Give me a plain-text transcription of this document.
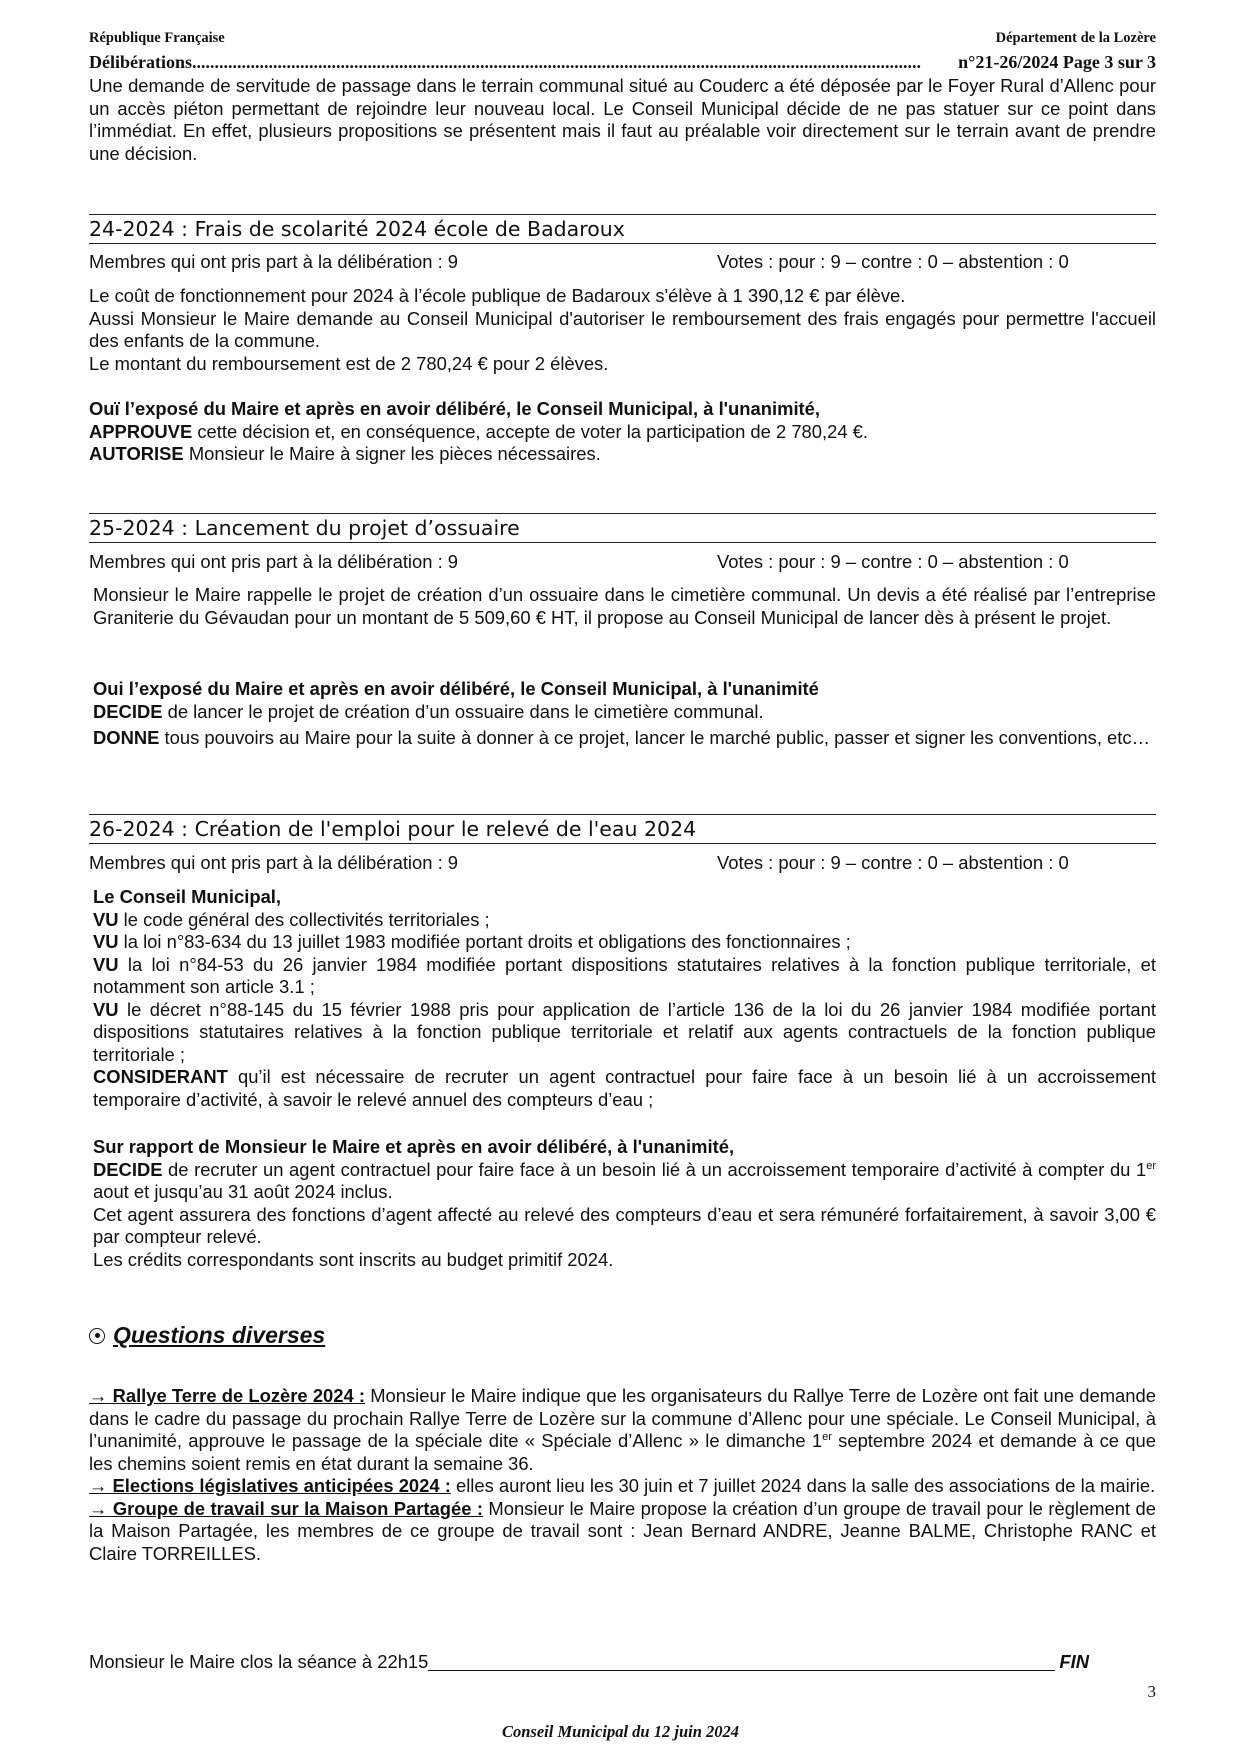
République Française	Département de la Lozère
Délibérations ..................................................................................................................................................................	n°21-26/2024 Page 3 sur 3

Une demande de servitude de passage dans le terrain communal situé au Couderc a été déposée par le Foyer Rural d’Allenc pour un accès piéton permettant de rejoindre leur nouveau local. Le Conseil Municipal décide de ne pas statuer sur ce point dans l’immédiat. En effet, plusieurs propositions se présentent mais il faut au préalable voir directement sur le terrain avant de prendre une décision.

24-2024 : Frais de scolarité 2024 école de Badaroux
Membres qui ont pris part à la délibération : 9	Votes : pour : 9 – contre : 0 – abstention : 0

Le coût de fonctionnement pour 2024 à l’école publique de Badaroux s'élève à 1 390,12 € par élève.

Aussi Monsieur le Maire demande au Conseil Municipal d'autoriser le remboursement des frais engagés pour permettre l'accueil des enfants de la commune.

Le montant du remboursement est de 2 780,24 € pour 2 élèves.

Ouï l’exposé du Maire et après en avoir délibéré, le Conseil Municipal, à l'unanimité,

APPROUVE cette décision et, en conséquence, accepte de voter la participation de 2 780,24 €.

AUTORISE Monsieur le Maire à signer les pièces nécessaires.

25-2024 : Lancement du projet d’ossuaire
Membres qui ont pris part à la délibération : 9	Votes : pour : 9 – contre : 0 – abstention : 0

Monsieur le Maire rappelle le projet de création d’un ossuaire dans le cimetière communal. Un devis a été réalisé par l’entreprise Graniterie du Gévaudan pour un montant de 5 509,60 € HT, il propose au Conseil Municipal de lancer dès à présent le projet.

Oui l’exposé du Maire et après en avoir délibéré, le Conseil Municipal, à l'unanimité

DECIDE de lancer le projet de création d’un ossuaire dans le cimetière communal.

DONNE tous pouvoirs au Maire pour la suite à donner à ce projet, lancer le marché public, passer et signer les conventions, etc…

26-2024 : Création de l'emploi pour le relevé de l'eau 2024
Membres qui ont pris part à la délibération : 9	Votes : pour : 9 – contre : 0 – abstention : 0

Le Conseil Municipal,

VU le code général des collectivités territoriales ;

VU la loi n°83-634 du 13 juillet 1983 modifiée portant droits et obligations des fonctionnaires ;

VU la loi n°84-53 du 26 janvier 1984 modifiée portant dispositions statutaires relatives à la fonction publique territoriale, et notamment son article 3.1 ;

VU le décret n°88-145 du 15 février 1988 pris pour application de l’article 136 de la loi du 26 janvier 1984 modifiée portant dispositions statutaires relatives à la fonction publique territoriale et relatif aux agents contractuels de la fonction publique territoriale ;

CONSIDERANT qu’il est nécessaire de recruter un agent contractuel pour faire face à un besoin lié à un accroissement temporaire d’activité, à savoir le relevé annuel des compteurs d’eau ;

Sur rapport de Monsieur le Maire et après en avoir délibéré, à l'unanimité,

DECIDE de recruter un agent contractuel pour faire face à un besoin lié à un accroissement temporaire d’activité à compter du 1er aout et jusqu’au 31 août 2024 inclus.

Cet agent assurera des fonctions d’agent affecté au relevé des compteurs d’eau et sera rémunéré forfaitairement, à savoir 3,00 € par compteur relevé.

Les crédits correspondants sont inscrits au budget primitif 2024.

Questions diverses

→ Rallye Terre de Lozère 2024 : Monsieur le Maire indique que les organisateurs du Rallye Terre de Lozère ont fait une demande dans le cadre du passage du prochain Rallye Terre de Lozère sur la commune d’Allenc pour une spéciale. Le Conseil Municipal, à l’unanimité, approuve le passage de la spéciale dite « Spéciale d’Allenc » le dimanche 1er septembre 2024 et demande à ce que les chemins soient remis en état durant la semaine 36.

→ Elections législatives anticipées 2024 : elles auront lieu les 30 juin et 7 juillet 2024 dans la salle des associations de la mairie.

→ Groupe de travail sur la Maison Partagée : Monsieur le Maire propose la création d’un groupe de travail pour le règlement de la Maison Partagée, les membres de ce groupe de travail sont : Jean Bernard ANDRE, Jeanne BALME, Christophe RANC et Claire TORREILLES.

Monsieur le Maire clos la séance à 22h15	FIN
3
Conseil Municipal du 12 juin 2024
